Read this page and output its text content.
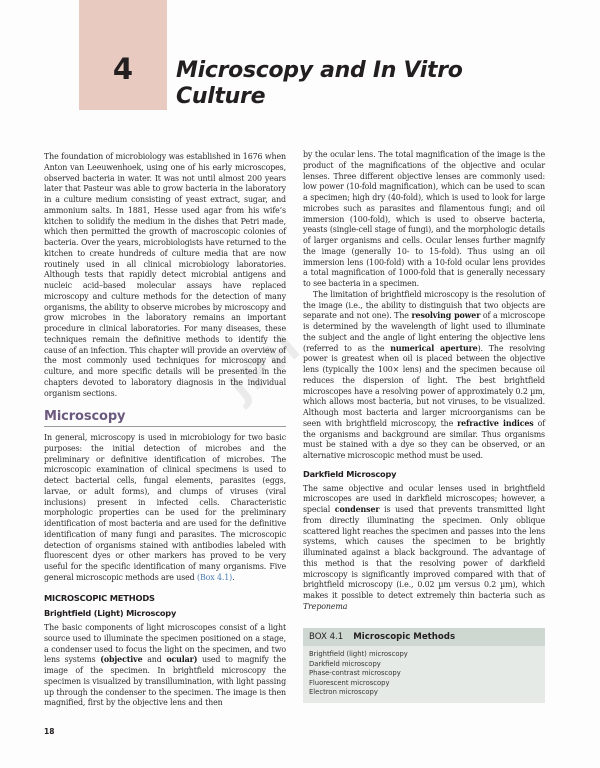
4	Microscopy and In Vitro Culture
JPH

The foundation of microbiology was established in 1676 when Anton van Leeuwenhoek, using one of his early microscopes, observed bacteria in water. It was not until almost 200 years later that Pasteur was able to grow bacteria in the laboratory in a culture medium consisting of yeast extract, sugar, and ammonium salts. In 1881, Hesse used agar from his wife’s kitchen to solidify the medium in the dishes that Petri made, which then permitted the growth of macroscopic colonies of bacteria. Over the years, microbiologists have returned to the kitchen to create hundreds of culture media that are now routinely used in all clinical microbiology laboratories. Although tests that rapidly detect microbial antigens and nucleic acid–based molecular assays have replaced microscopy and culture methods for the detection of many organisms, the ability to observe microbes by microscopy and grow microbes in the laboratory remains an important procedure in clinical laboratories. For many diseases, these techniques remain the definitive methods to identify the cause of an infection. This chapter will provide an overview of the most commonly used techniques for microscopy and culture, and more specific details will be presented in the chapters devoted to laboratory diagnosis in the individual organism sections.

Microscopy

In general, microscopy is used in microbiology for two basic purposes: the initial detection of microbes and the preliminary or definitive identification of microbes. The microscopic examination of clinical specimens is used to detect bacterial cells, fungal elements, parasites (eggs, larvae, or adult forms), and clumps of viruses (viral inclusions) present in infected cells. Characteristic morphologic properties can be used for the preliminary identification of most bacteria and are used for the definitive identification of many fungi and parasites. The microscopic detection of organisms stained with antibodies labeled with fluorescent dyes or other markers has proved to be very useful for the specific identification of many organisms. Five general microscopic methods are used (Box 4.1).

MICROSCOPIC METHODS
Brightfield (Light) Microscopy

The basic components of light microscopes consist of a light source used to illuminate the specimen positioned on a stage, a condenser used to focus the light on the specimen, and two lens systems (objective and ocular) used to magnify the image of the specimen. In brightfield microscopy the specimen is visualized by transillumination, with light passing up through the condenser to the specimen. The image is then magnified, first by the objective lens and then

by the ocular lens. The total magnification of the image is the product of the magnifications of the objective and ocular lenses. Three different objective lenses are commonly used: low power (10-fold magnification), which can be used to scan a specimen; high dry (40-fold), which is used to look for large microbes such as parasites and filamentous fungi; and oil immersion (100-fold), which is used to observe bacteria, yeasts (single-cell stage of fungi), and the morphologic details of larger organisms and cells. Ocular lenses further magnify the image (generally 10- to 15-fold). Thus using an oil immersion lens (100-fold) with a 10-fold ocular lens provides a total magnification of 1000-fold that is generally necessary to see bacteria in a specimen.

The limitation of brightfield microscopy is the resolution of the image (i.e., the ability to distinguish that two objects are separate and not one). The resolving power of a microscope is determined by the wavelength of light used to illuminate the subject and the angle of light entering the objective lens (referred to as the numerical aperture). The resolving power is greatest when oil is placed between the objective lens (typically the 100× lens) and the specimen because oil reduces the dispersion of light. The best brightfield microscopes have a resolving power of approximately 0.2 µm, which allows most bacteria, but not viruses, to be visualized. Although most bacteria and larger microorganisms can be seen with brightfield microscopy, the refractive indices of the organisms and background are similar. Thus organisms must be stained with a dye so they can be observed, or an alternative microscopic method must be used.

Darkfield Microscopy

The same objective and ocular lenses used in brightfield microscopes are used in darkfield microscopes; however, a special condenser is used that prevents transmitted light from directly illuminating the specimen. Only oblique scattered light reaches the specimen and passes into the lens systems, which causes the specimen to be brightly illuminated against a black background. The advantage of this method is that the resolving power of darkfield microscopy is significantly improved compared with that of brightfield microscopy (i.e., 0.02 µm versus 0.2 µm), which makes it possible to detect extremely thin bacteria such as Treponema

BOX 4.1 Microscopic Methods
Brightfield (light) microscopy
Darkfield microscopy
Phase-contrast microscopy
Fluorescent microscopy
Electron microscopy
18
